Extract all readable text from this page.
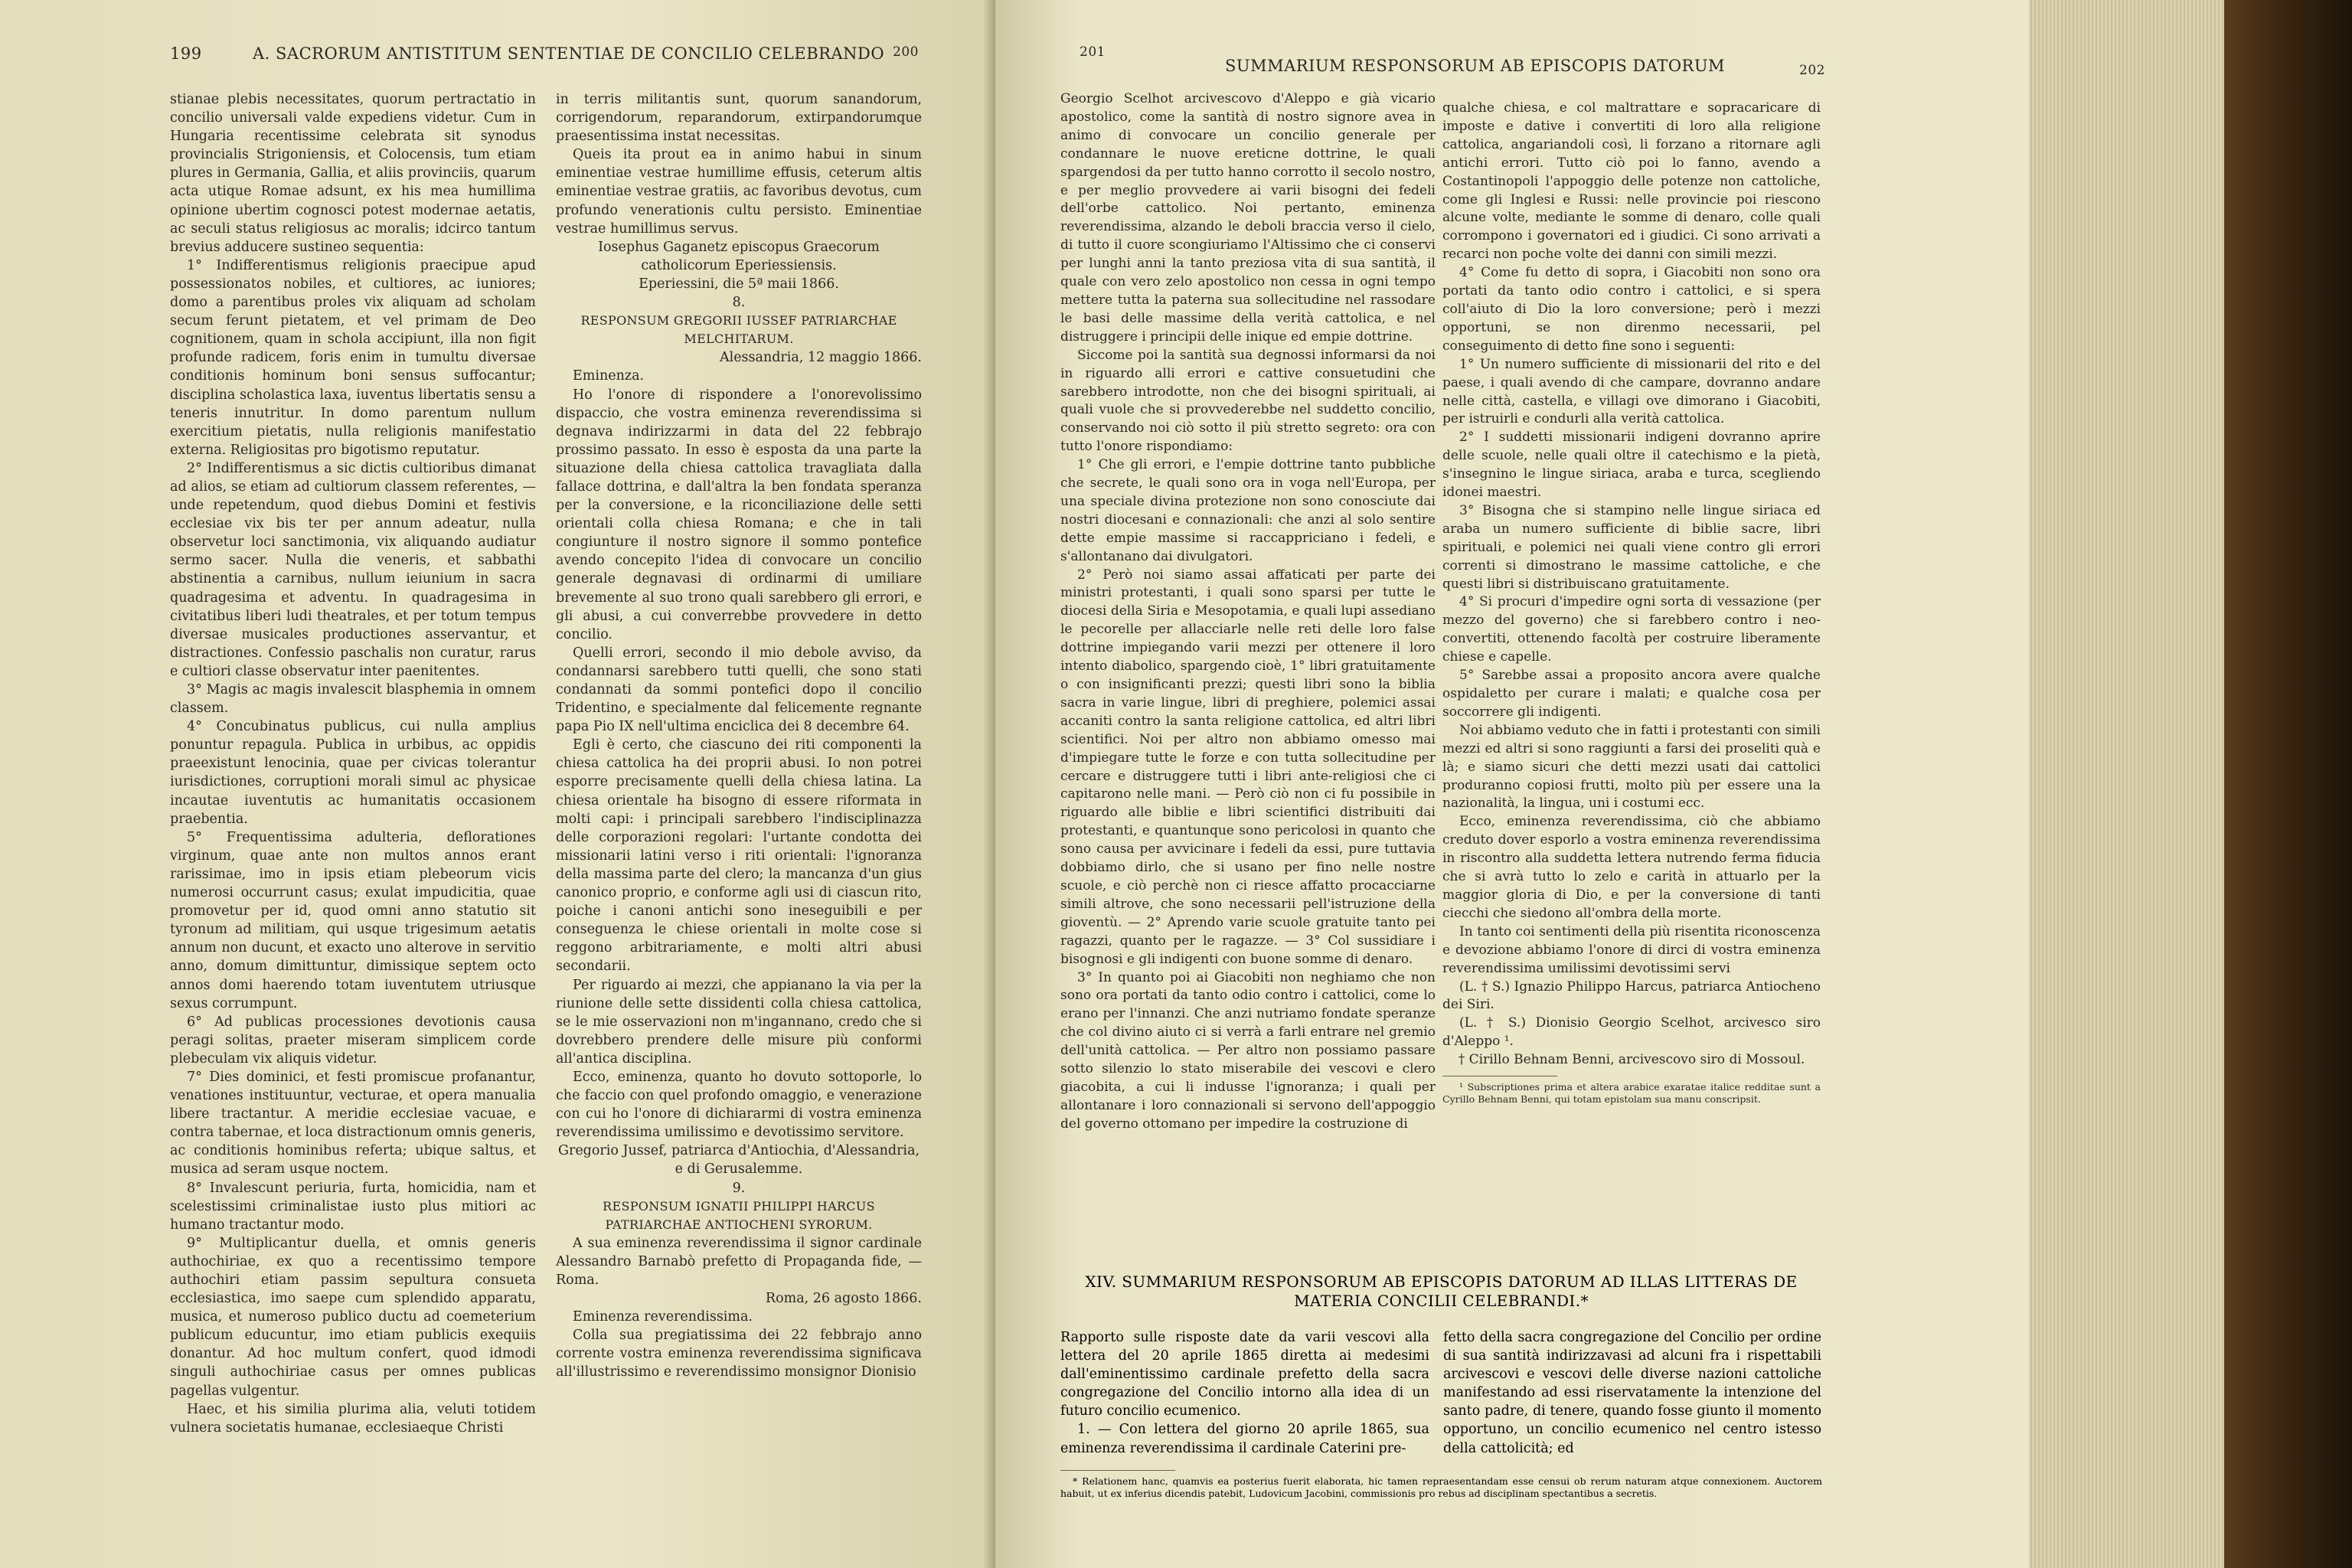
199	A. SACRORUM ANTISTITUM SENTENTIAE DE CONCILIO CELEBRANDO 200

stianae plebis necessitates, quorum pertractatio in concilio universali valde expediens videtur. Cum in Hungaria recentissime celebrata sit synodus provincialis Strigoniensis, et Colocensis, tum etiam plures in Germania, Gallia, et aliis provinciis, quarum acta utique Romae adsunt, ex his mea humillima opinione ubertim cognosci potest modernae aetatis, ac seculi status religiosus ac moralis; idcirco tantum brevius adducere sustineo sequentia:

1° Indifferentismus religionis praecipue apud possessionatos nobiles, et cultiores, ac iuniores; domo a parentibus proles vix aliquam ad scholam secum ferunt pietatem, et vel primam de Deo cognitionem, quam in schola accipiunt, illa non figit profunde radicem, foris enim in tumultu diversae conditionis hominum boni sensus suffocantur; disciplina scholastica laxa, iuventus libertatis sensu a teneris innutritur. In domo parentum nullum exercitium pietatis, nulla religionis manifestatio externa. Religiositas pro bigotismo reputatur.

2° Indifferentismus a sic dictis cultioribus dimanat ad alios, se etiam ad cultiorum classem referentes, — unde repetendum, quod diebus Domini et festivis ecclesiae vix bis ter per annum adeatur, nulla observetur loci sanctimonia, vix aliquando audiatur sermo sacer. Nulla die veneris, et sabbathi abstinentia a carnibus, nullum ieiunium in sacra quadragesima et adventu. In quadragesima in civitatibus liberi ludi theatrales, et per totum tempus diversae musicales productiones asservantur, et distractiones. Confessio paschalis non curatur, rarus e cultiori classe observatur inter paenitentes.

3° Magis ac magis invalescit blasphemia in omnem classem.

4° Concubinatus publicus, cui nulla amplius ponuntur repagula. Publica in urbibus, ac oppidis praeexistunt lenocinia, quae per civicas tolerantur iurisdictiones, corruptioni morali simul ac physicae incautae iuventutis ac humanitatis occasionem praebentia.

5° Frequentissima adulteria, deflorationes virginum, quae ante non multos annos erant rarissimae, imo in ipsis etiam plebeorum vicis numerosi occurrunt casus; exulat impudicitia, quae promovetur per id, quod omni anno statutio sit tyronum ad militiam, qui usque trigesimum aetatis annum non ducunt, et exacto uno alterove in servitio anno, domum dimittuntur, dimissique septem octo annos domi haerendo totam iuventutem utriusque sexus corrumpunt.

6° Ad publicas processiones devotionis causa peragi solitas, praeter miseram simplicem corde plebeculam vix aliquis videtur.

7° Dies dominici, et festi promiscue profanantur, venationes instituuntur, vecturae, et opera manualia libere tractantur. A meridie ecclesiae vacuae, e contra tabernae, et loca distractionum omnis generis, ac conditionis hominibus referta; ubique saltus, et musica ad seram usque noctem.

8° Invalescunt periuria, furta, homicidia, nam et scelestissimi criminalistae iusto plus mitiori ac humano tractantur modo.

9° Multiplicantur duella, et omnis generis authochiriae, ex quo a recentissimo tempore authochiri etiam passim sepultura consueta ecclesiastica, imo saepe cum splendido apparatu, musica, et numeroso publico ductu ad coemeterium publicum educuntur, imo etiam publicis exequiis donantur. Ad hoc multum confert, quod idmodi singuli authochiriae casus per omnes publicas pagellas vulgentur.

Haec, et his similia plurima alia, veluti totidem vulnera societatis humanae, ecclesiaeque Christi

in terris militantis sunt, quorum sanandorum, corrigendorum, reparandorum, extirpandorumque praesentissima instat necessitas.

Queis ita prout ea in animo habui in sinum eminentiae vestrae humillime effusis, ceterum altis eminentiae vestrae gratiis, ac favoribus devotus, cum profundo venerationis cultu persisto. Eminentiae vestrae humillimus servus.

Iosephus Gaganetz episcopus Graecorum catholicorum Eperiessiensis.

Eperiessini, die 5ª maii 1866.

8.

RESPONSUM GREGORII IUSSEF PATRIARCHAE MELCHITARUM.

Alessandria, 12 maggio 1866.

Eminenza.

Ho l'onore di rispondere a l'onorevolissimo dispaccio, che vostra eminenza reverendissima si degnava indirizzarmi in data del 22 febbrajo prossimo passato. In esso è esposta da una parte la situazione della chiesa cattolica travagliata dalla fallace dottrina, e dall'altra la ben fondata speranza per la conversione, e la riconciliazione delle setti orientali colla chiesa Romana; e che in tali congiunture il nostro signore il sommo pontefice avendo concepito l'idea di convocare un concilio generale degnavasi di ordinarmi di umiliare brevemente al suo trono quali sarebbero gli errori, e gli abusi, a cui converrebbe provvedere in detto concilio.

Quelli errori, secondo il mio debole avviso, da condannarsi sarebbero tutti quelli, che sono stati condannati da sommi pontefici dopo il concilio Tridentino, e specialmente dal felicemente regnante papa Pio IX nell'ultima enciclica dei 8 decembre 64.

Egli è certo, che ciascuno dei riti componenti la chiesa cattolica ha dei proprii abusi. Io non potrei esporre precisamente quelli della chiesa latina. La chiesa orientale ha bisogno di essere riformata in molti capi: i principali sarebbero l'indisciplinazza delle corporazioni regolari: l'urtante condotta dei missionarii latini verso i riti orientali: l'ignoranza della massima parte del clero; la mancanza d'un gius canonico proprio, e conforme agli usi di ciascun rito, poiche i canoni antichi sono ineseguibili e per conseguenza le chiese orientali in molte cose si reggono arbitrariamente, e molti altri abusi secondarii.

Per riguardo ai mezzi, che appianano la via per la riunione delle sette dissidenti colla chiesa cattolica, se le mie osservazioni non m'ingannano, credo che si dovrebbero prendere delle misure più conformi all'antica disciplina.

Ecco, eminenza, quanto ho dovuto sottoporle, lo che faccio con quel profondo omaggio, e venerazione con cui ho l'onore di dichiararmi di vostra eminenza reverendissima umilissimo e devotissimo servitore.

Gregorio Jussef, patriarca d'Antiochia, d'Alessandria, e di Gerusalemme.

9.

RESPONSUM IGNATII PHILIPPI HARCUS PATRIARCHAE ANTIOCHENI SYRORUM.

A sua eminenza reverendissima il signor cardinale Alessandro Barnabò prefetto di Propaganda fide, — Roma.

Roma, 26 agosto 1866.

Eminenza reverendissima.

Colla sua pregiatissima dei 22 febbrajo anno corrente vostra eminenza reverendissima significava all'illustrissimo e reverendissimo monsignor Dionisio

201
SUMMARIUM RESPONSORUM AB EPISCOPIS DATORUM	202

Georgio Scelhot arcivescovo d'Aleppo e già vicario apostolico, come la santità di nostro signore avea in animo di convocare un concilio generale per condannare le nuove ereticne dottrine, le quali spargendosi da per tutto hanno corrotto il secolo nostro, e per meglio provvedere ai varii bisogni dei fedeli dell'orbe cattolico. Noi pertanto, eminenza reverendissima, alzando le deboli braccia verso il cielo, di tutto il cuore scongiuriamo l'Altissimo che ci conservi per lunghi anni la tanto preziosa vita di sua santità, il quale con vero zelo apostolico non cessa in ogni tempo mettere tutta la paterna sua sollecitudine nel rassodare le basi delle massime della verità cattolica, e nel distruggere i principii delle inique ed empie dottrine.

Siccome poi la santità sua degnossi informarsi da noi in riguardo alli errori e cattive consuetudini che sarebbero introdotte, non che dei bisogni spirituali, ai quali vuole che si provvederebbe nel suddetto concilio, conservando noi ciò sotto il più stretto segreto: ora con tutto l'onore rispondiamo:

1° Che gli errori, e l'empie dottrine tanto pubbliche che secrete, le quali sono ora in voga nell'Europa, per una speciale divina protezione non sono conosciute dai nostri diocesani e connazionali: che anzi al solo sentire dette empie massime si raccappriciano i fedeli, e s'allontanano dai divulgatori.

2° Però noi siamo assai affaticati per parte dei ministri protestanti, i quali sono sparsi per tutte le diocesi della Siria e Mesopotamia, e quali lupi assediano le pecorelle per allacciarle nelle reti delle loro false dottrine impiegando varii mezzi per ottenere il loro intento diabolico, spargendo cioè, 1° libri gratuitamente o con insignificanti prezzi; questi libri sono la biblia sacra in varie lingue, libri di preghiere, polemici assai accaniti contro la santa religione cattolica, ed altri libri scientifici. Noi per altro non abbiamo omesso mai d'impiegare tutte le forze e con tutta sollecitudine per cercare e distruggere tutti i libri ante-religiosi che ci capitarono nelle mani. — Però ciò non ci fu possibile in riguardo alle biblie e libri scientifici distribuiti dai protestanti, e quantunque sono pericolosi in quanto che sono causa per avvicinare i fedeli da essi, pure tuttavia dobbiamo dirlo, che si usano per fino nelle nostre scuole, e ciò perchè non ci riesce affatto procacciarne simili altrove, che sono necessarii pell'istruzione della gioventù. — 2° Aprendo varie scuole gratuite tanto pei ragazzi, quanto per le ragazze. — 3° Col sussidiare i bisognosi e gli indigenti con buone somme di denaro.

3° In quanto poi ai Giacobiti non neghiamo che non sono ora portati da tanto odio contro i cattolici, come lo erano per l'innanzi. Che anzi nutriamo fondate speranze che col divino aiuto ci si verrà a farli entrare nel gremio dell'unità cattolica. — Per altro non possiamo passare sotto silenzio lo stato miserabile dei vescovi e clero giacobita, a cui li indusse l'ignoranza; i quali per allontanare i loro connazionali si servono dell'appoggio del governo ottomano per impedire la costruzione di

qualche chiesa, e col maltrattare e sopracaricare di imposte e dative i convertiti di loro alla religione cattolica, angariandoli così, li forzano a ritornare agli antichi errori. Tutto ciò poi lo fanno, avendo a Costantinopoli l'appoggio delle potenze non cattoliche, come gli Inglesi e Russi: nelle provincie poi riescono alcune volte, mediante le somme di denaro, colle quali corrompono i governatori ed i giudici. Ci sono arrivati a recarci non poche volte dei danni con simili mezzi.

4° Come fu detto di sopra, i Giacobiti non sono ora portati da tanto odio contro i cattolici, e si spera coll'aiuto di Dio la loro conversione; però i mezzi opportuni, se non direnmo necessarii, pel conseguimento di detto fine sono i seguenti:

1° Un numero sufficiente di missionarii del rito e del paese, i quali avendo di che campare, dovranno andare nelle città, castella, e villagi ove dimorano i Giacobiti, per istruirli e condurli alla verità cattolica.

2° I suddetti missionarii indigeni dovranno aprire delle scuole, nelle quali oltre il catechismo e la pietà, s'insegnino le lingue siriaca, araba e turca, scegliendo idonei maestri.

3° Bisogna che si stampino nelle lingue siriaca ed araba un numero sufficiente di biblie sacre, libri spirituali, e polemici nei quali viene contro gli errori correnti si dimostrano le massime cattoliche, e che questi libri si distribuiscano gratuitamente.

4° Si procuri d'impedire ogni sorta di vessazione (per mezzo del governo) che si farebbero contro i neo-convertiti, ottenendo facoltà per costruire liberamente chiese e capelle.

5° Sarebbe assai a proposito ancora avere qualche ospidaletto per curare i malati; e qualche cosa per soccorrere gli indigenti.

Noi abbiamo veduto che in fatti i protestanti con simili mezzi ed altri si sono raggiunti a farsi dei proseliti quà e là; e siamo sicuri che detti mezzi usati dai cattolici produranno copiosi frutti, molto più per essere una la nazionalità, la lingua, uni i costumi ecc.

Ecco, eminenza reverendissima, ciò che abbiamo creduto dover esporlo a vostra eminenza reverendissima in riscontro alla suddetta lettera nutrendo ferma fiducia che si avrà tutto lo zelo e carità in attuarlo per la maggior gloria di Dio, e per la conversione di tanti ciecchi che siedono all'ombra della morte.

In tanto coi sentimenti della più risentita riconoscenza e devozione abbiamo l'onore di dirci di vostra eminenza reverendissima umilissimi devotissimi servi

(L. † S.) Ignazio Philippo Harcus, patriarca Antiocheno dei Siri.

(L. † S.) Dionisio Georgio Scelhot, arcivesco siro d'Aleppo ¹.

† Cirillo Behnam Benni, arcivescovo siro di Mossoul.

¹ Subscriptiones prima et altera arabice exaratae italice redditae sunt a Cyrillo Behnam Benni, qui totam epistolam sua manu conscripsit.

XIV. SUMMARIUM RESPONSORUM AB EPISCOPIS DATORUM AD ILLAS LITTERAS DE MATERIA CONCILII CELEBRANDI.*

Rapporto sulle risposte date da varii vescovi alla lettera del 20 aprile 1865 diretta ai medesimi dall'eminentissimo cardinale prefetto della sacra congregazione del Concilio intorno alla idea di un futuro concilio ecumenico.

1. — Con lettera del giorno 20 aprile 1865, sua eminenza reverendissima il cardinale Caterini pre-

fetto della sacra congregazione del Concilio per ordine di sua santità indirizzavasi ad alcuni fra i rispettabili arcivescovi e vescovi delle diverse nazioni cattoliche manifestando ad essi riservatamente la intenzione del santo padre, di tenere, quando fosse giunto il momento opportuno, un concilio ecumenico nel centro istesso della cattolicità; ed

* Relationem hanc, quamvis ea posterius fuerit elaborata, hic tamen repraesentandam esse censui ob rerum naturam atque connexionem. Auctorem habuit, ut ex inferius dicendis patebit, Ludovicum Jacobini, commissionis pro rebus ad disciplinam spectantibus a secretis.
